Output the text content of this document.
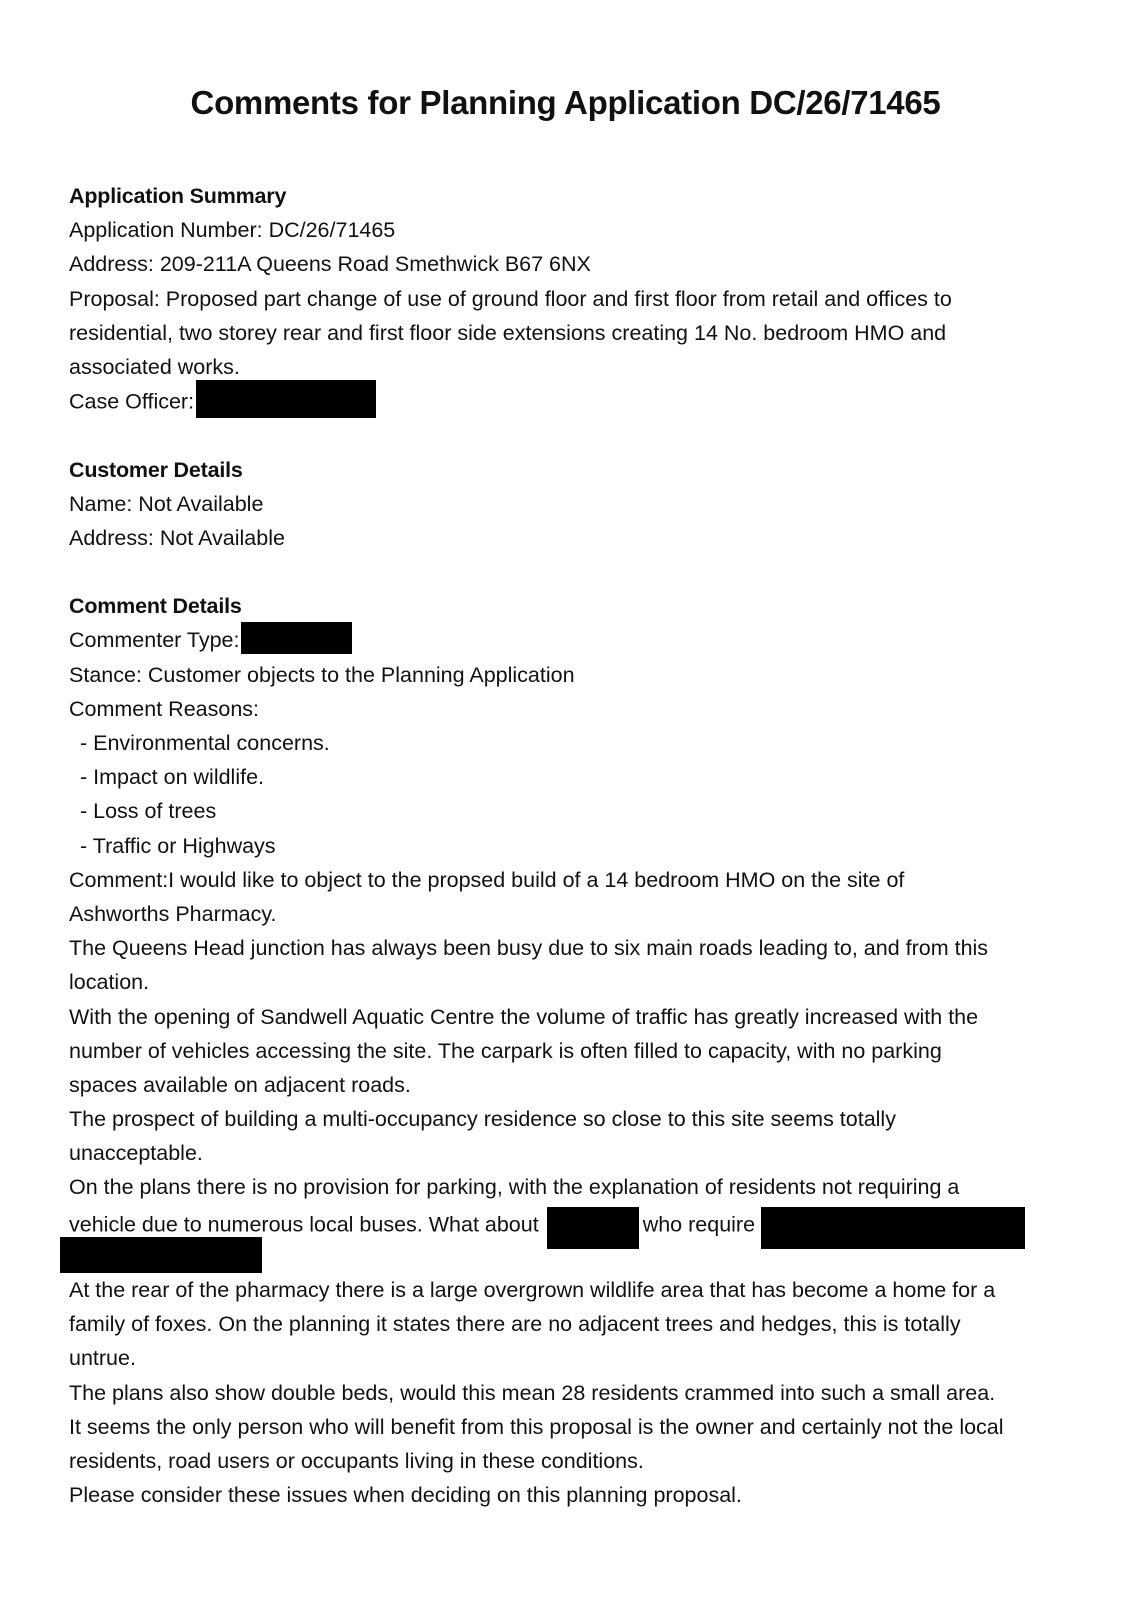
Comments for Planning Application DC/26/71465
Application Summary
Application Number: DC/26/71465
Address: 209-211A Queens Road Smethwick B67 6NX
Proposal: Proposed part change of use of ground floor and first floor from retail and offices to
residential, two storey rear and first floor side extensions creating 14 No. bedroom HMO and
associated works.
Case Officer:
Customer Details
Name: Not Available
Address: Not Available
Comment Details
Commenter Type:
Stance: Customer objects to the Planning Application
Comment Reasons:
- Environmental concerns.
- Impact on wildlife.
- Loss of trees
- Traffic or Highways
Comment:I would like to object to the propsed build of a 14 bedroom HMO on the site of
Ashworths Pharmacy.
The Queens Head junction has always been busy due to six main roads leading to, and from this
location.
With the opening of Sandwell Aquatic Centre the volume of traffic has greatly increased with the
number of vehicles accessing the site. The carpark is often filled to capacity, with no parking
spaces available on adjacent roads.
The prospect of building a multi-occupancy residence so close to this site seems totally
unacceptable.
On the plans there is no provision for parking, with the explanation of residents not requiring a
vehicle due to numerous local buses. What about	who require
At the rear of the pharmacy there is a large overgrown wildlife area that has become a home for a
family of foxes. On the planning it states there are no adjacent trees and hedges, this is totally
untrue.
The plans also show double beds, would this mean 28 residents crammed into such a small area.
It seems the only person who will benefit from this proposal is the owner and certainly not the local
residents, road users or occupants living in these conditions.
Please consider these issues when deciding on this planning proposal.
